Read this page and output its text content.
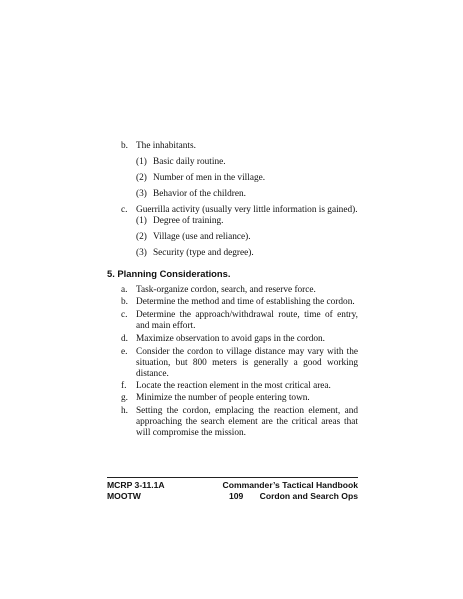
b. The inhabitants.
(1) Basic daily routine.
(2) Number of men in the village.
(3) Behavior of the children.
c. Guerrilla activity (usually very little information is gained).
(1) Degree of training.
(2) Village (use and reliance).
(3) Security (type and degree).
5. Planning Considerations.
a. Task-organize cordon, search, and reserve force.
b. Determine the method and time of establishing the cordon.
c. Determine the approach/withdrawal route, time of entry, and main effort.
d. Maximize observation to avoid gaps in the cordon.
e. Consider the cordon to village distance may vary with the situation, but 800 meters is generally a good working distance.
f. Locate the reaction element in the most critical area.
g. Minimize the number of people entering town.
h. Setting the cordon, emplacing the reaction element, and approaching the search element are the critical areas that will compromise the mission.
MCRP 3-11.1A	Commander’s Tactical Handbook
MOOTW	109 Cordon and Search Ops
